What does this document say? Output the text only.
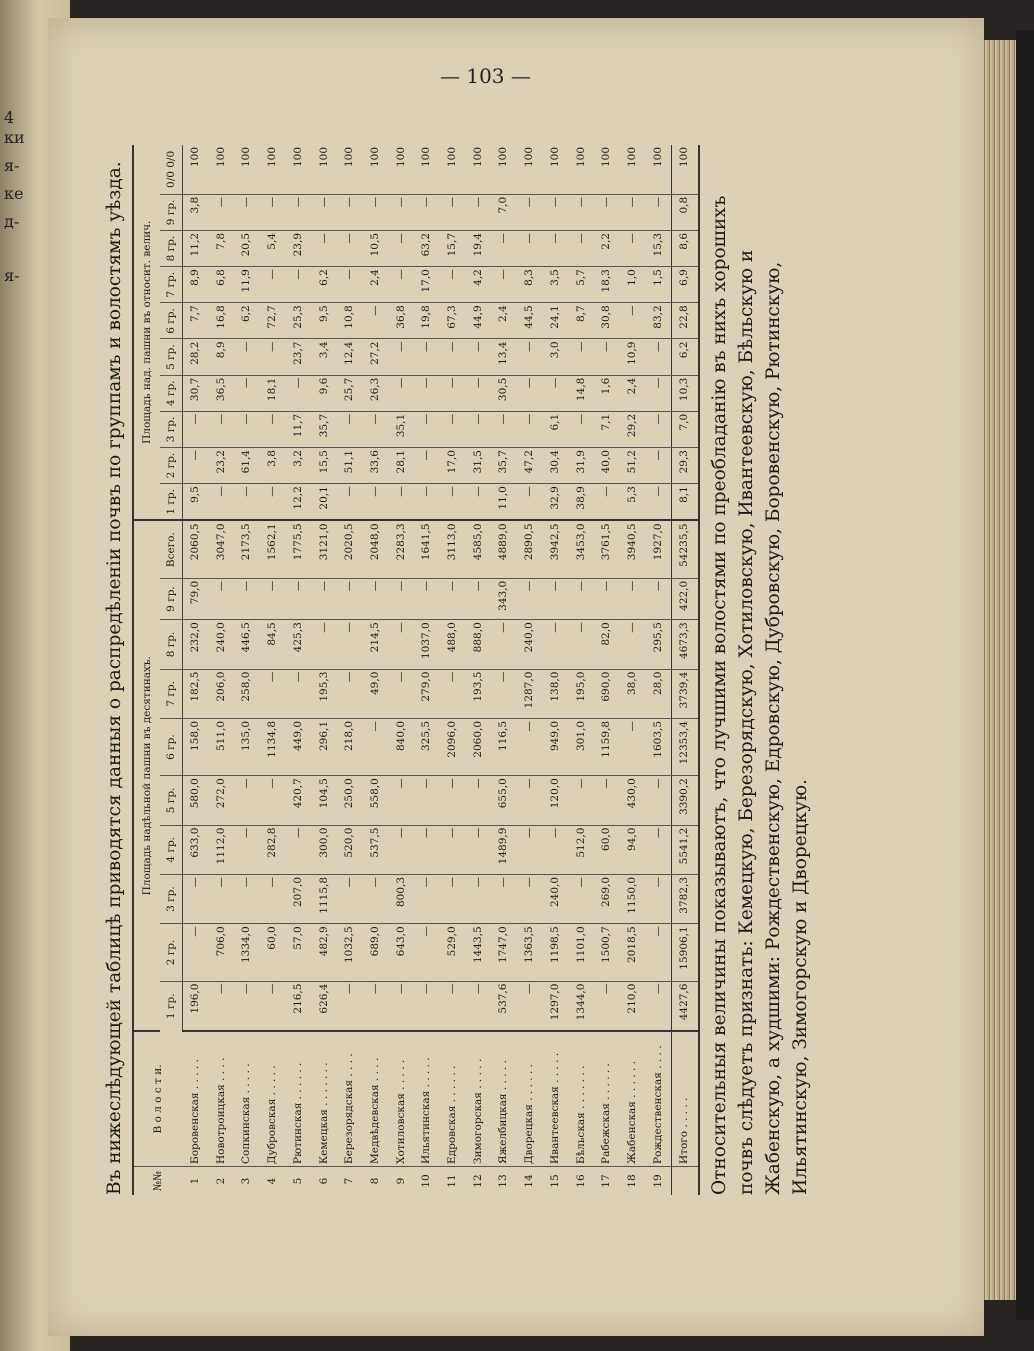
4
ки
я-
ке
д-
я-
— 103 —
Въ нижеслѣдующей таблицѣ приводятся данныя о распредѣленіи почвъ по группамъ и волостямъ уѣзда.	№№	В о л о с т и.	Площадь надѣльной пашни въ десятинахъ.										Площадь над. пашни въ относит. велич.									
		1 гр.	2 гр.	3 гр.	4 гр.	5 гр.	6 гр.	7 гр.	8 гр.	9 гр.	Всего.	1 гр.	2 гр.	3 гр.	4 гр.	5 гр.	6 гр.	7 гр.	8 гр.	9 гр.	0/0 0/0
1	Боровенская . . . . .	196,0	—	—	633,0	580,0	158,0	182,5	232,0	79,0	2060,5	9,5	—	—	30,7	28,2	7,7	8,9	11,2	3,8	100
2	Новотроицкая . . . .	—	706,0	—	1112,0	272,0	511,0	206,0	240,0	—	3047,0	—	23,2	—	36,5	8,9	16,8	6,8	7,8	—	100
3	Сопкинская . . . . .	—	1334,0	—	—	—	135,0	258,0	446,5	—	2173,5	—	61,4	—	—	—	6,2	11,9	20,5	—	100
4	Дубровская . . . . .	—	60,0	—	282,8	—	1134,8	—	84,5	—	1562,1	—	3,8	—	18,1	—	72,7	—	5,4	—	100
5	Рютинская . . . . . .	216,5	57,0	207,0	—	420,7	449,0	—	425,3	—	1775,5	12,2	3,2	11,7	—	23,7	25,3	—	23,9	—	100
6	Кемецкая . . . . . . .	626,4	482,9	1115,8	300,0	104,5	296,1	195,3	—	—	3121,0	20,1	15,5	35,7	9,6	3,4	9,5	6,2	—	—	100
7	Березорядская . . . .	—	1032,5	—	520,0	250,0	218,0	—	—	—	2020,5	—	51,1	—	25,7	12,4	10,8	—	—	—	100
8	Медвѣдевская . . . .	—	689,0	—	537,5	558,0	—	49,0	214,5	—	2048,0	—	33,6	—	26,3	27,2	—	2,4	10,5	—	100
9	Хотиловская . . . . .	—	643,0	800,3	—	—	840,0	—	—	—	2283,3	—	28,1	35,1	—	—	36,8	—	—	—	100
10	Ильятинская . . . . .	—	—	—	—	—	325,5	279,0	1037,0	—	1641,5	—	—	—	—	—	19,8	17,0	63,2	—	100
11	Едровская . . . . . .	—	529,0	—	—	—	2096,0	—	488,0	—	3113,0	—	17,0	—	—	—	67,3	—	15,7	—	100
12	Зимогорская . . . . .	—	1443,5	—	—	—	2060,0	193,5	888,0	—	4585,0	—	31,5	—	—	—	44,9	4,2	19,4	—	100
13	Яжелбицкая . . . . .	537,6	1747,0	—	1489,9	655,0	116,5	—	—	343,0	4889,0	11,0	35,7	—	30,5	13,4	2,4	—	—	7,0	100
14	Дворецкая . . . . . .	—	1363,5	—	—	—	—	1287,0	240,0	—	2890,5	—	47,2	—	—	—	44,5	8,3	—	—	100
15	Ивантеевская . . . . .	1297,0	1198,5	240,0	—	120,0	949,0	138,0	—	—	3942,5	32,9	30,4	6,1	—	3,0	24,1	3,5	—	—	100
16	Бѣльская . . . . . . .	1344,0	1101,0	—	512,0	—	301,0	195,0	—	—	3453,0	38,9	31,9	—	14,8	—	8,7	5,7	—	—	100
17	Рабежская . . . . . .	—	1500,7	269,0	60,0	—	1159,8	690,0	82,0	—	3761,5	—	40,0	7,1	1,6	—	30,8	18,3	2,2	—	100
18	Жабенская . . . . . .	210,0	2018,5	1150,0	94,0	430,0	—	38,0	—	—	3940,5	5,3	51,2	29,2	2,4	10,9	—	1,0	—	—	100
19	Рождественская . . . .	—	—	—	—	—	1603,5	28,0	295,5	—	1927,0	—	—	—	—	—	83,2	1,5	15,3	—	100
	Итого . . . . .	4427,6	15906,1	3782,3	5541,2	3390,2	12353,4	3739,4	4673,3	422,0	54235,5	8,1	29,3	7,0	10,3	6,2	22,8	6,9	8,6	0,8	100
Относительныя величины показываютъ, что лучшими волостями по преобладанію въ нихъ хорошихъ почвъ слѣдуетъ признать: Кемецкую, Березорядскую, Хотиловскую, Ивантеевскую, Бѣльскую и Жабенскую, а худшими: Рождественскую, Едровскую, Дубровскую, Боровенскую, Рютинскую, Ильятинскую, Зимогорскую и Дворецкую.
